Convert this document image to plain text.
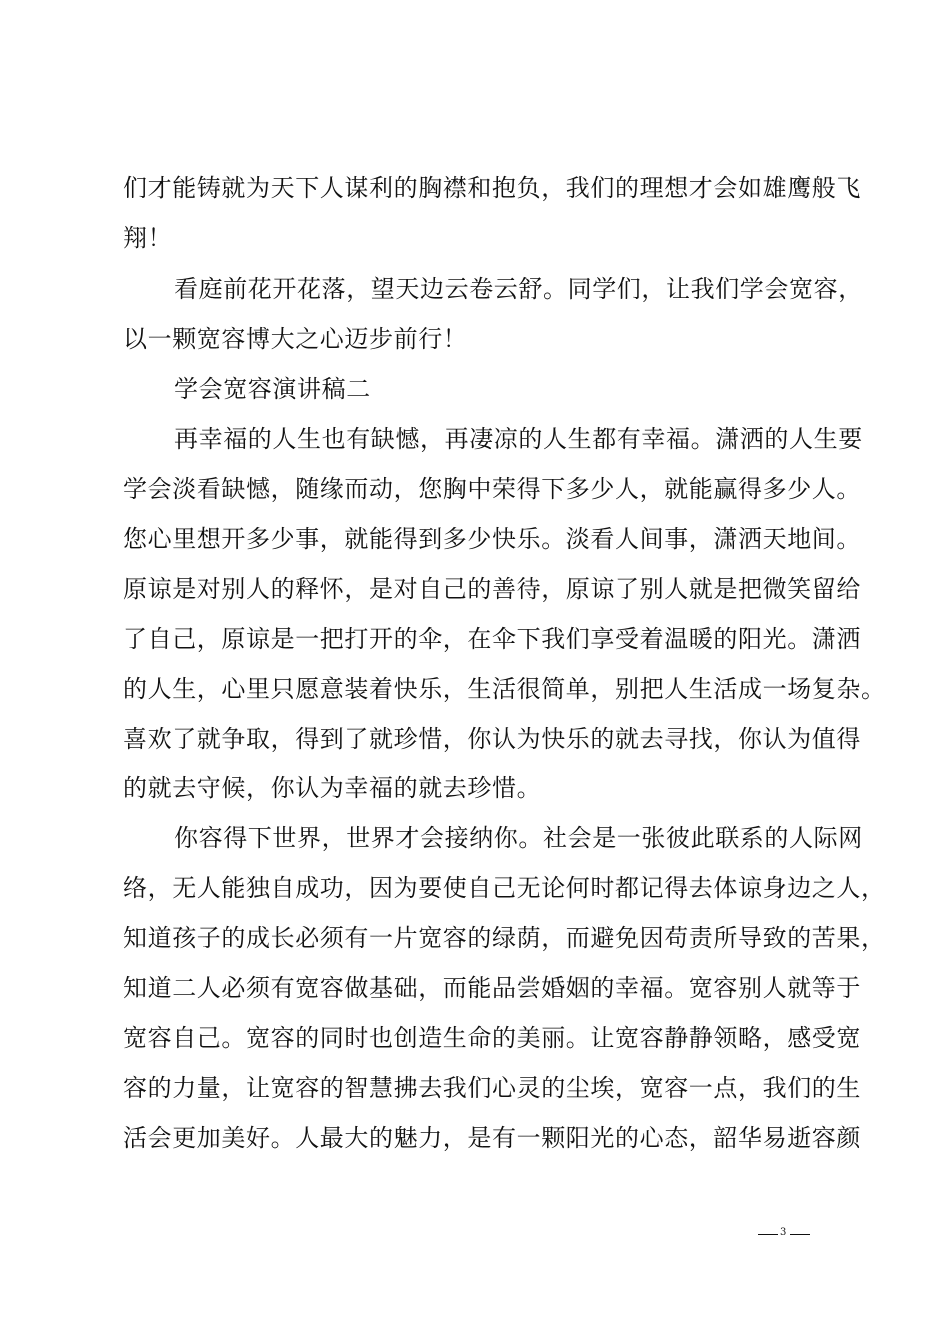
们才能铸就为天下人谋利的胸襟和抱负，我们的理想才会如雄鹰般飞
翔！
看庭前花开花落，望天边云卷云舒。同学们，让我们学会宽容，
以一颗宽容博大之心迈步前行！
学会宽容演讲稿二
再幸福的人生也有缺憾，再凄凉的人生都有幸福。潇洒的人生要
学会淡看缺憾，随缘而动，您胸中荣得下多少人，就能赢得多少人。
您心里想开多少事，就能得到多少快乐。淡看人间事，潇洒天地间。
原谅是对别人的释怀，是对自己的善待，原谅了别人就是把微笑留给
了自己，原谅是一把打开的伞，在伞下我们享受着温暖的阳光。潇洒
的人生，心里只愿意装着快乐，生活很简单，别把人生活成一场复杂。
喜欢了就争取，得到了就珍惜，你认为快乐的就去寻找，你认为值得
的就去守候，你认为幸福的就去珍惜。
你容得下世界，世界才会接纳你。社会是一张彼此联系的人际网
络，无人能独自成功，因为要使自己无论何时都记得去体谅身边之人，
知道孩子的成长必须有一片宽容的绿荫，而避免因苟责所导致的苦果，
知道二人必须有宽容做基础，而能品尝婚姻的幸福。宽容别人就等于
宽容自己。宽容的同时也创造生命的美丽。让宽容静静领略，感受宽
容的力量，让宽容的智慧拂去我们心灵的尘埃，宽容一点，我们的生
活会更加美好。人最大的魅力，是有一颗阳光的心态，韶华易逝容颜
3
